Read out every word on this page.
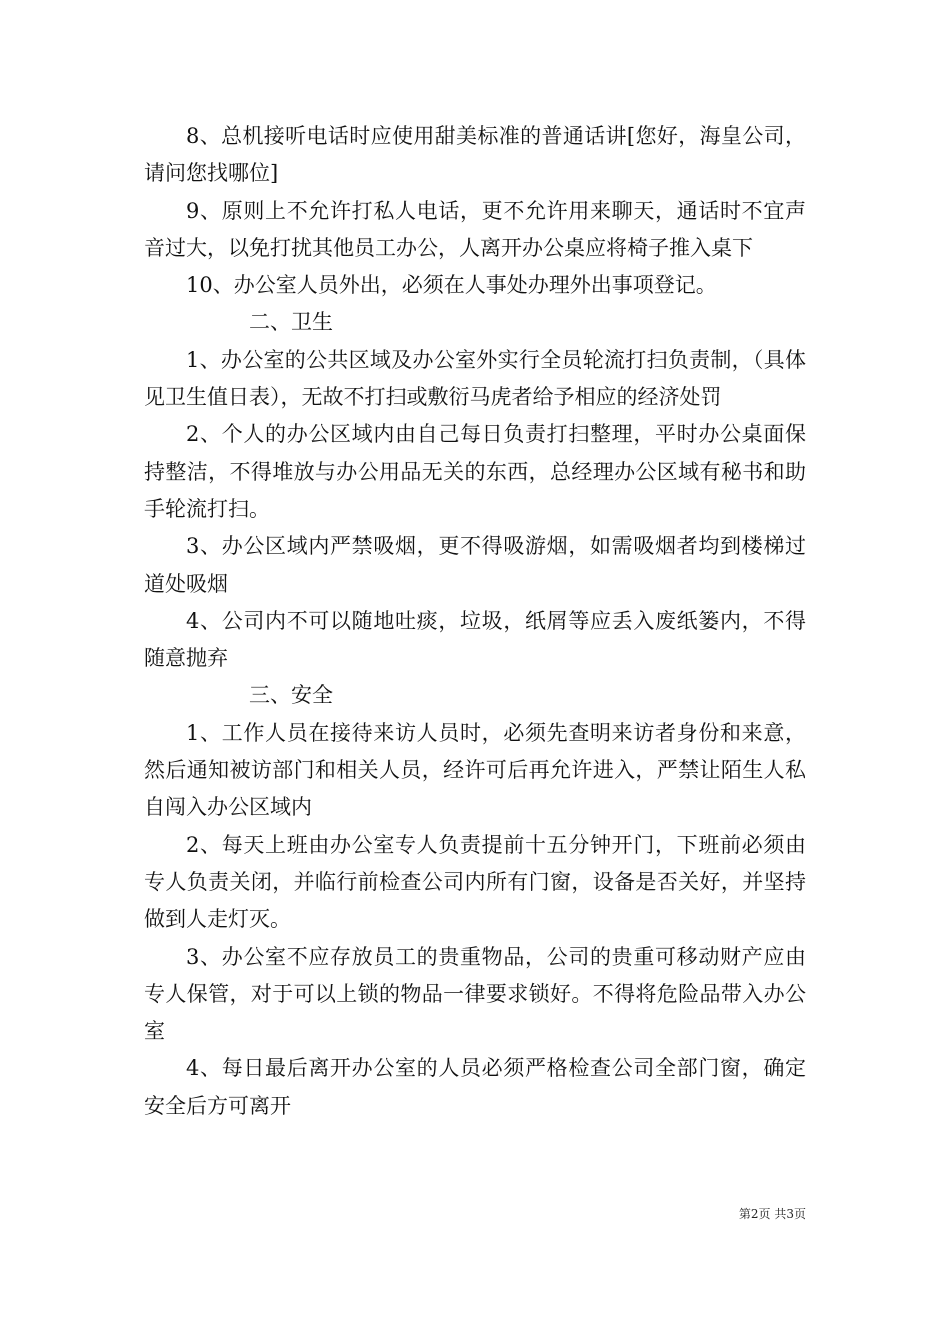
8、总机接听电话时应使用甜美标准的普通话讲[您好，海皇公司，请问您找哪位]

9、原则上不允许打私人电话，更不允许用来聊天，通话时不宜声音过大，以免打扰其他员工办公，人离开办公桌应将椅子推入桌下

10、办公室人员外出，必须在人事处办理外出事项登记。

二、卫生

1、办公室的公共区域及办公室外实行全员轮流打扫负责制，（具体见卫生值日表），无故不打扫或敷衍马虎者给予相应的经济处罚

2、个人的办公区域内由自己每日负责打扫整理，平时办公桌面保持整洁，不得堆放与办公用品无关的东西，总经理办公区域有秘书和助手轮流打扫。

3、办公区域内严禁吸烟，更不得吸游烟，如需吸烟者均到楼梯过道处吸烟

4、公司内不可以随地吐痰，垃圾，纸屑等应丢入废纸篓内，不得随意抛弃

三、安全

1、工作人员在接待来访人员时，必须先查明来访者身份和来意，然后通知被访部门和相关人员，经许可后再允许进入，严禁让陌生人私自闯入办公区域内

2、每天上班由办公室专人负责提前十五分钟开门，下班前必须由专人负责关闭，并临行前检查公司内所有门窗，设备是否关好，并坚持做到人走灯灭。

3、办公室不应存放员工的贵重物品，公司的贵重可移动财产应由专人保管，对于可以上锁的物品一律要求锁好。不得将危险品带入办公室

4、每日最后离开办公室的人员必须严格检查公司全部门窗，确定安全后方可离开

第2页 共3页
